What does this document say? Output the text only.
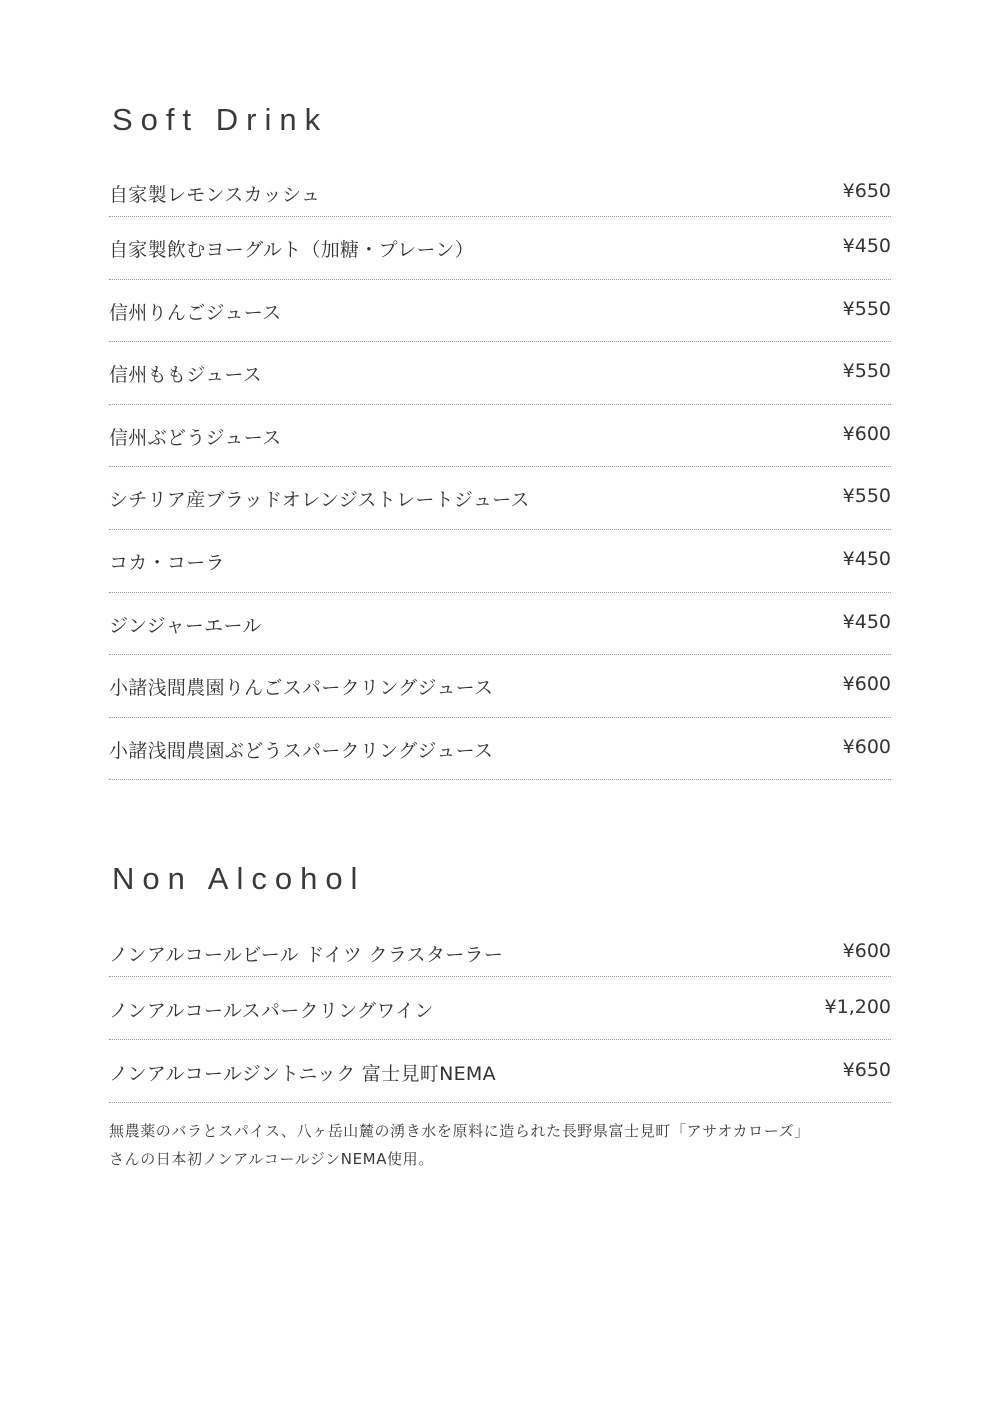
Soft Drink
自家製レモンスカッシュ	¥650
自家製飲むヨーグルト（加糖・プレーン）	¥450
信州りんごジュース	¥550
信州ももジュース	¥550
信州ぶどうジュース	¥600
シチリア産ブラッドオレンジストレートジュース	¥550
コカ・コーラ	¥450
ジンジャーエール	¥450
小諸浅間農園りんごスパークリングジュース	¥600
小諸浅間農園ぶどうスパークリングジュース	¥600
Non Alcohol
ノンアルコールビール ドイツ クラスターラー	¥600
ノンアルコールスパークリングワイン	¥1,200
ノンアルコールジントニック 富士見町NEMA	¥650

無農薬のバラとスパイス、八ヶ岳山麓の湧き水を原料に造られた長野県富士見町「アサオカローズ」
さんの日本初ノンアルコールジンNEMA使用。
